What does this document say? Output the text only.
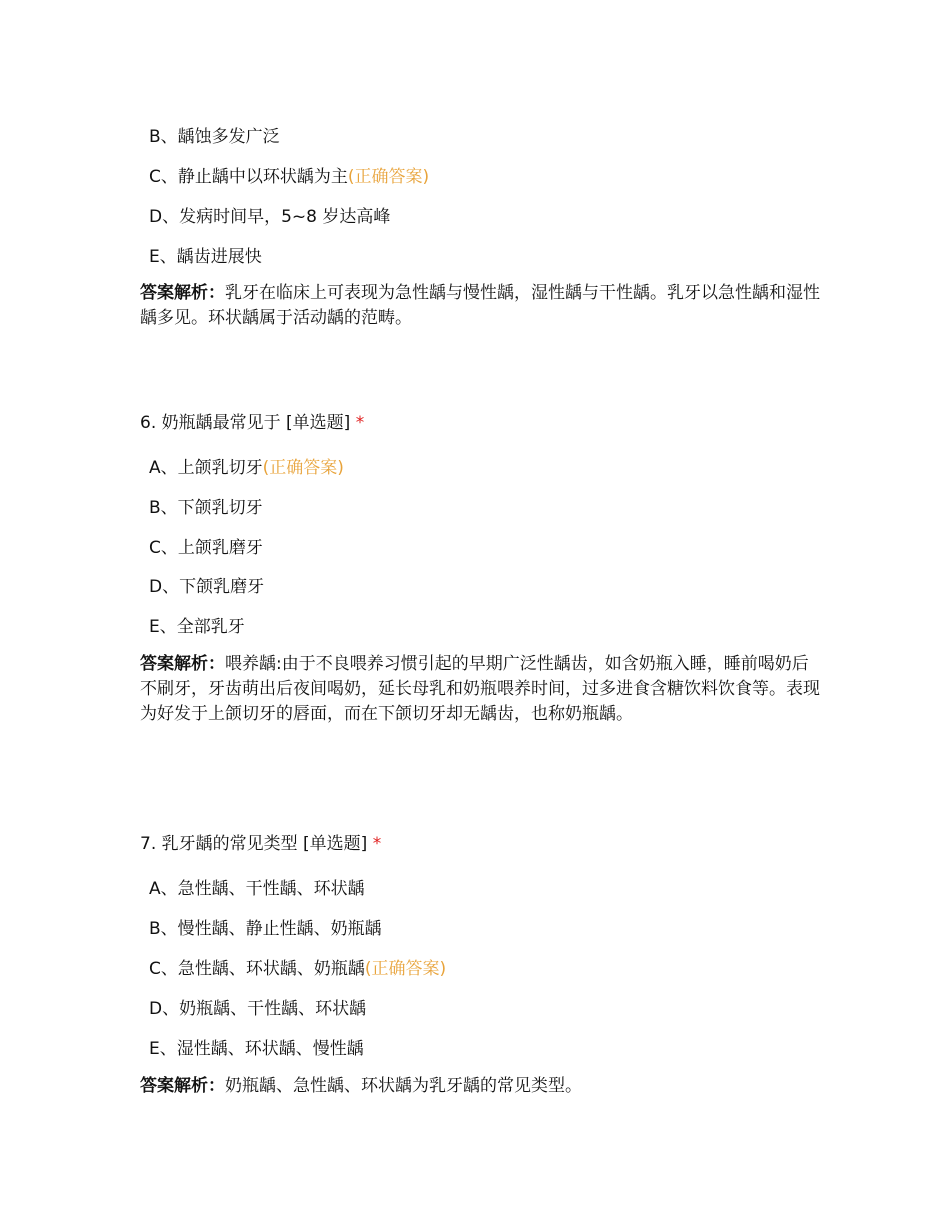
B、龋蚀多发广泛
C、静止龋中以环状龋为主(正确答案)
D、发病时间早，5~8 岁达高峰
E、龋齿进展快
答案解析：乳牙在临床上可表现为急性龋与慢性龋，湿性龋与干性龋。乳牙以急性龋和湿性龋多见。环状龋属于活动龋的范畴。
6. 奶瓶龋最常见于 [单选题] *
A、上颌乳切牙(正确答案)
B、下颌乳切牙
C、上颌乳磨牙
D、下颌乳磨牙
E、全部乳牙
答案解析：喂养龋:由于不良喂养习惯引起的早期广泛性龋齿，如含奶瓶入睡，睡前喝奶后不刷牙，牙齿萌出后夜间喝奶，延长母乳和奶瓶喂养时间，过多进食含糖饮料饮食等。表现为好发于上颌切牙的唇面，而在下颌切牙却无龋齿，也称奶瓶龋。
7. 乳牙龋的常见类型 [单选题] *
A、急性龋、干性龋、环状龋
B、慢性龋、静止性龋、奶瓶龋
C、急性龋、环状龋、奶瓶龋(正确答案)
D、奶瓶龋、干性龋、环状龋
E、湿性龋、环状龋、慢性龋
答案解析：奶瓶龋、急性龋、环状龋为乳牙龋的常见类型。
